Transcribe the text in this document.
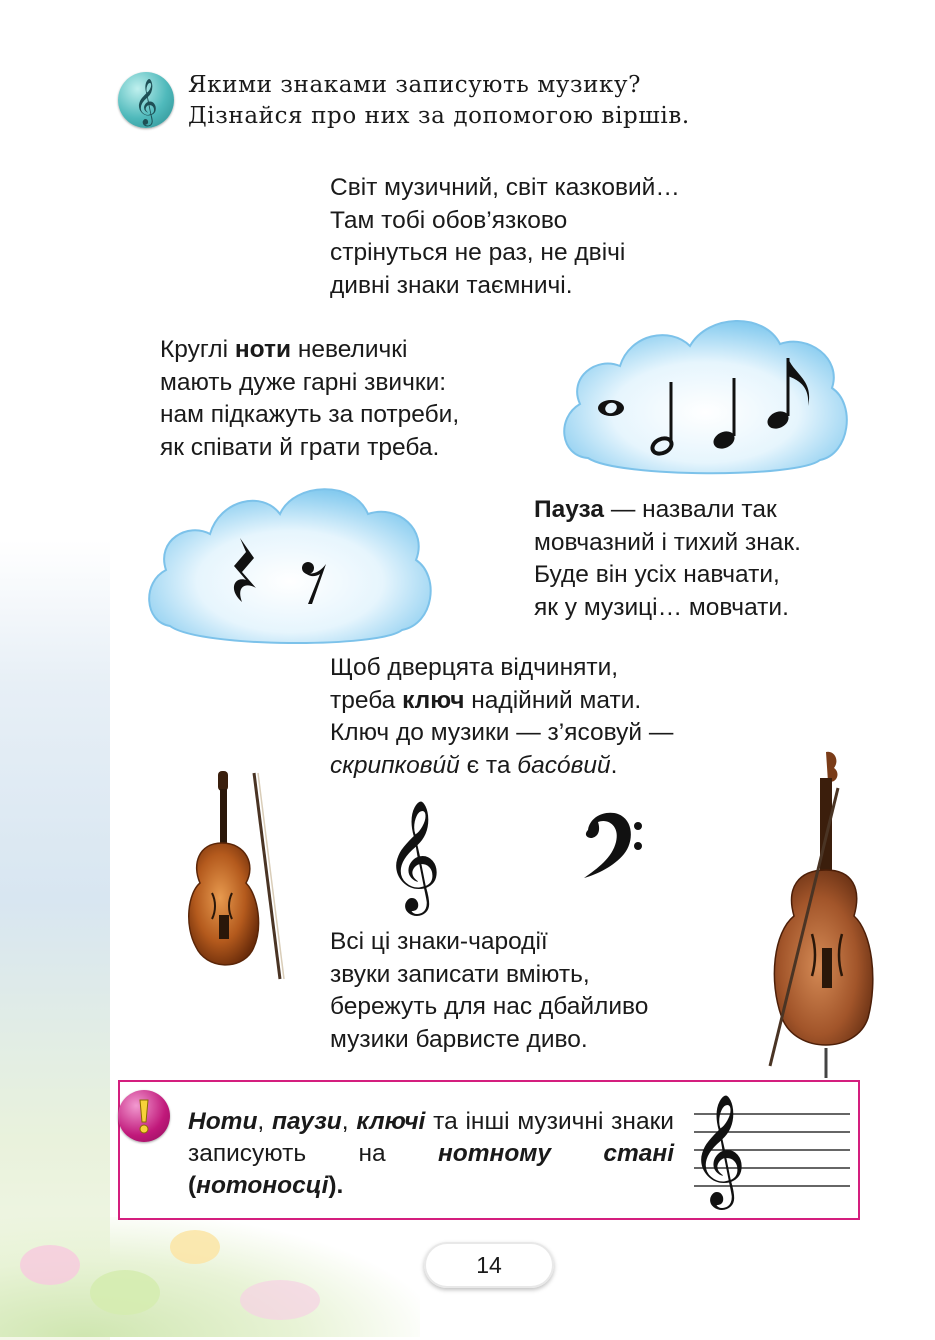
𝄞 Якими знаками записують музику?
Дізнайся про них за допомогою віршів.
Світ музичний, світ казковий…
Там тобі обов’язково
стрінуться не раз, не двічі
дивні знаки таємничі.
Круглі ноти невеличкі
мають дуже гарні звички:
нам підкажуть за потреби,
як співати й грати треба.
Пауза — назвали так
мовчазний і тихий знак.
Буде він усіх навчати,
як у музиці… мовчати.
Щоб дверцята відчиняти,
треба ключ надійний мати.
Ключ до музики — з’ясовуй —
скрипкови́й є та басо́вий.
𝄞
Всі ці знаки-чародії
звуки записати вміють,
бережуть для нас дбайливо
музики барвисте диво.
Ноти, паузи, ключі та інші музичні знаки записують на нотному стані (нотоносці).	𝄞
14
